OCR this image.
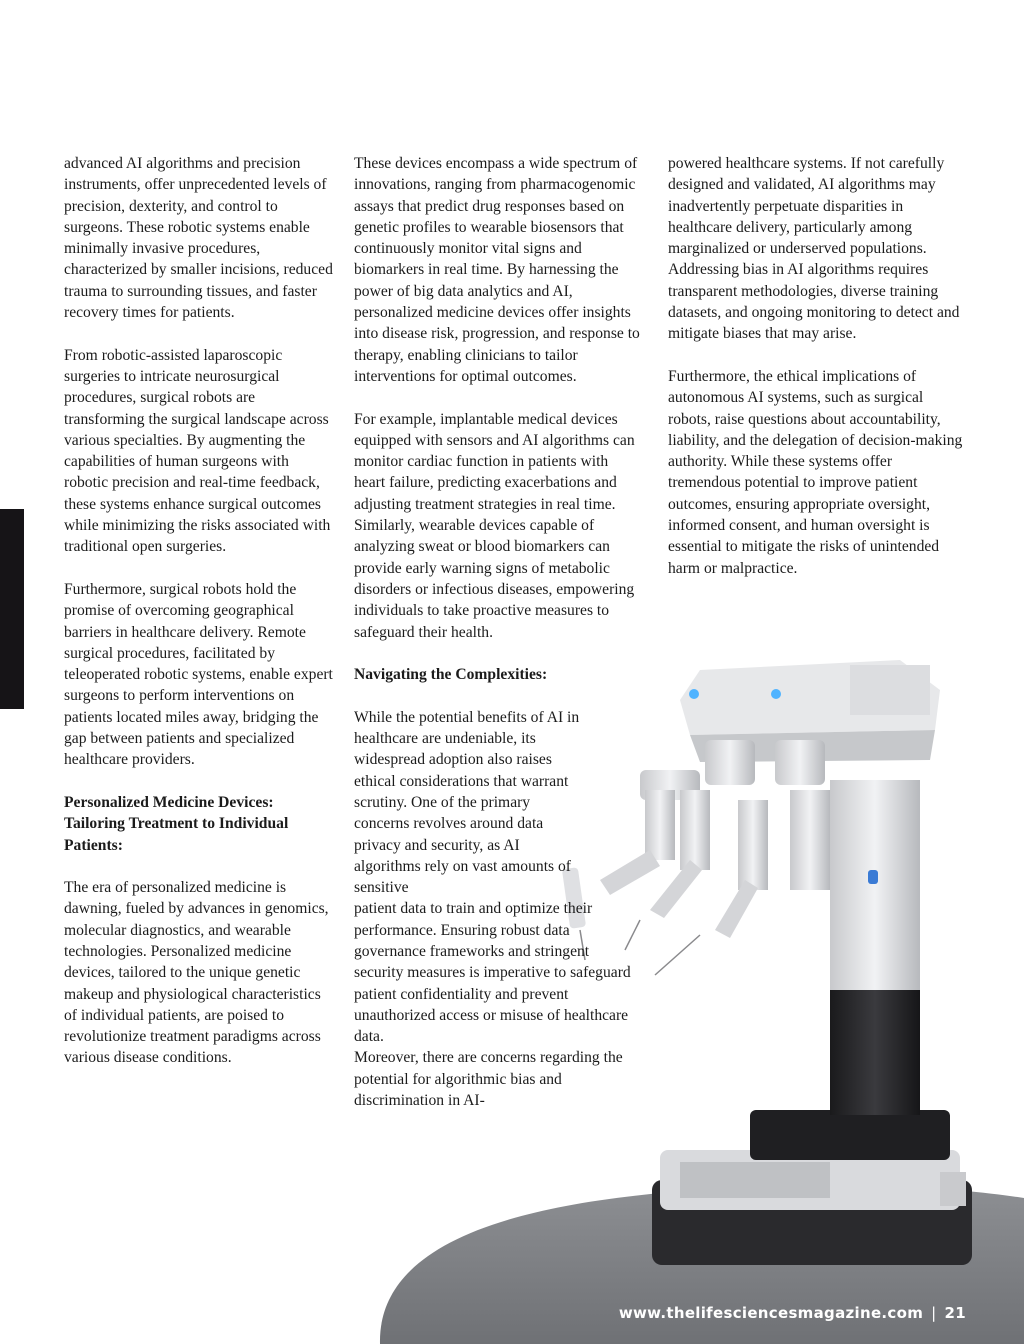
advanced AI algorithms and precision instruments, offer unprecedented levels of precision, dexterity, and control to surgeons. These robotic systems enable minimally invasive procedures, characterized by smaller incisions, reduced trauma to surrounding tissues, and faster recovery times for patients.

From robotic-assisted laparoscopic surgeries to intricate neurosurgical procedures, surgical robots are transforming the surgical landscape across various specialties. By augmenting the capabilities of human surgeons with robotic precision and real-time feedback, these systems enhance surgical outcomes while minimizing the risks associated with traditional open surgeries.

Furthermore, surgical robots hold the promise of overcoming geographical barriers in healthcare delivery. Remote surgical procedures, facilitated by teleoperated robotic systems, enable expert surgeons to perform interventions on patients located miles away, bridging the gap between patients and specialized healthcare providers.

Personalized Medicine Devices: Tailoring Treatment to Individual Patients:

The era of personalized medicine is dawning, fueled by advances in genomics, molecular diagnostics, and wearable technologies. Personalized medicine devices, tailored to the unique genetic makeup and physiological characteristics of individual patients, are poised to revolutionize treatment paradigms across various disease conditions.

These devices encompass a wide spectrum of innovations, ranging from pharmacogenomic assays that predict drug responses based on genetic profiles to wearable biosensors that continuously monitor vital signs and biomarkers in real time. By harnessing the power of big data analytics and AI, personalized medicine devices offer insights into disease risk, progression, and response to therapy, enabling clinicians to tailor interventions for optimal outcomes.

For example, implantable medical devices equipped with sensors and AI algorithms can monitor cardiac function in patients with heart failure, predicting exacerbations and adjusting treatment strategies in real time. Similarly, wearable devices capable of analyzing sweat or blood biomarkers can provide early warning signs of metabolic disorders or infectious diseases, empowering individuals to take proactive measures to safeguard their health.

Navigating the Complexities:

While the potential benefits of AI in healthcare are undeniable, its widespread adoption also raises ethical considerations that warrant scrutiny. One of the primary concerns revolves around data privacy and security, as AI algorithms rely on vast amounts of sensitive

patient data to train and optimize their performance. Ensuring robust data governance frameworks and stringent security measures is imperative to safeguard patient confidentiality and prevent unauthorized access or misuse of healthcare data.

Moreover, there are concerns regarding the potential for algorithmic bias and discrimination in AI-

powered healthcare systems. If not carefully designed and validated, AI algorithms may inadvertently perpetuate disparities in healthcare delivery, particularly among marginalized or underserved populations. Addressing bias in AI algorithms requires transparent methodologies, diverse training datasets, and ongoing monitoring to detect and mitigate biases that may arise.

Furthermore, the ethical implications of autonomous AI systems, such as surgical robots, raise questions about accountability, liability, and the delegation of decision-making authority. While these systems offer tremendous potential to improve patient outcomes, ensuring appropriate oversight, informed consent, and human oversight is essential to mitigate the risks of unintended harm or malpractice.

www.thelifesciencesmagazine.com | 21
